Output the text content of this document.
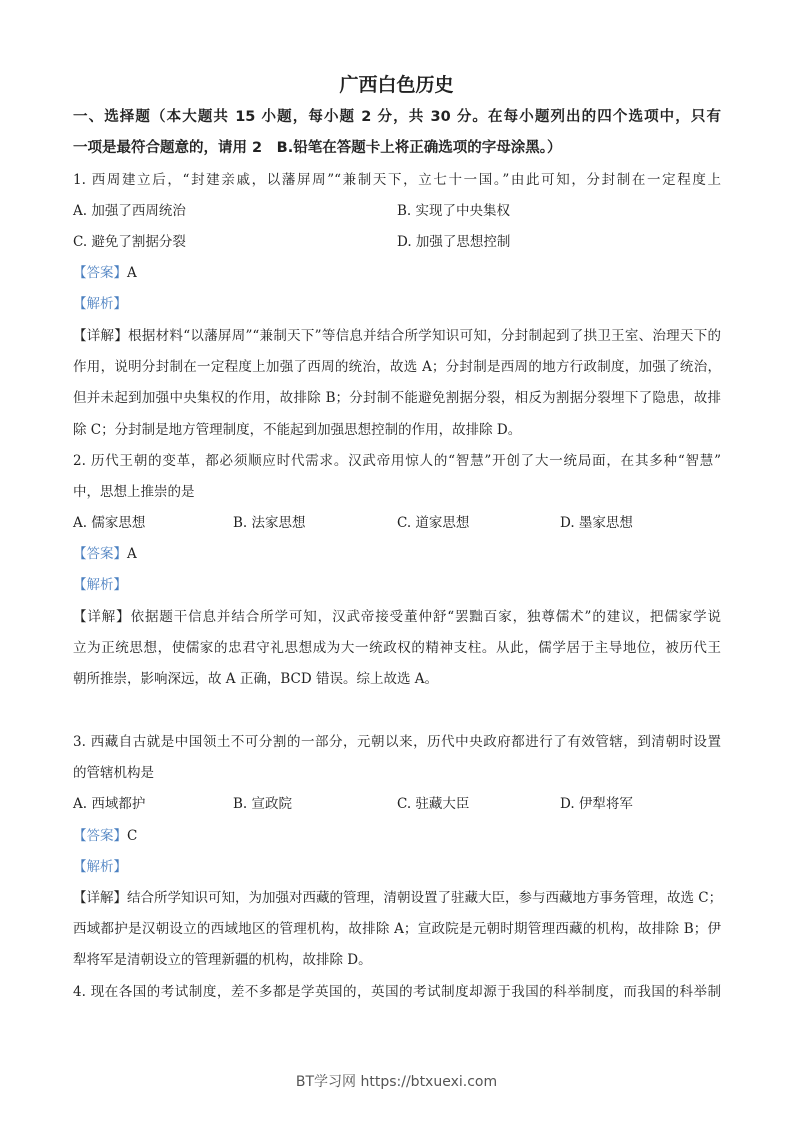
广西白色历史
一、选择题（本大题共 15 小题，每小题 2 分，共 30 分。在每小题列出的四个选项中，只有
一项是最符合题意的，请用 2　B.铅笔在答题卡上将正确选项的字母涂黑。）
1. 西周建立后，“封建亲戚，以藩屏周”“兼制天下，立七十一国。”由此可知，分封制在一定程度上
A. 加强了西周统治	B. 实现了中央集权
C. 避免了割据分裂	D. 加强了思想控制
【答案】A
【解析】
【详解】根据材料“以藩屏周”“兼制天下”等信息并结合所学知识可知，分封制起到了拱卫王室、治理天下的
作用，说明分封制在一定程度上加强了西周的统治，故选 A；分封制是西周的地方行政制度，加强了统治，
但并未起到加强中央集权的作用，故排除 B；分封制不能避免割据分裂，相反为割据分裂埋下了隐患，故排
除 C；分封制是地方管理制度，不能起到加强思想控制的作用，故排除 D。
2. 历代王朝的变革，都必须顺应时代需求。汉武帝用惊人的“智慧”开创了大一统局面，在其多种“智慧”
中，思想上推崇的是
A. 儒家思想	B. 法家思想	C. 道家思想	D. 墨家思想
【答案】A
【解析】
【详解】依据题干信息并结合所学可知，汉武帝接受董仲舒“罢黜百家，独尊儒术”的建议，把儒家学说
立为正统思想，使儒家的忠君守礼思想成为大一统政权的精神支柱。从此，儒学居于主导地位，被历代王
朝所推崇，影响深远，故 A 正确，BCD 错误。综上故选 A。
3. 西藏自古就是中国领土不可分割的一部分，元朝以来，历代中央政府都进行了有效管辖，到清朝时设置
的管辖机构是
A. 西域都护	B. 宣政院	C. 驻藏大臣	D. 伊犁将军
【答案】C
【解析】
【详解】结合所学知识可知，为加强对西藏的管理，清朝设置了驻藏大臣，参与西藏地方事务管理，故选 C；
西域都护是汉朝设立的西域地区的管理机构，故排除 A；宣政院是元朝时期管理西藏的机构，故排除 B；伊
犁将军是清朝设立的管理新疆的机构，故排除 D。
4. 现在各国的考试制度，差不多都是学英国的，英国的考试制度却源于我国的科举制度，而我国的科举制
BT学习网 https://btxuexi.com
